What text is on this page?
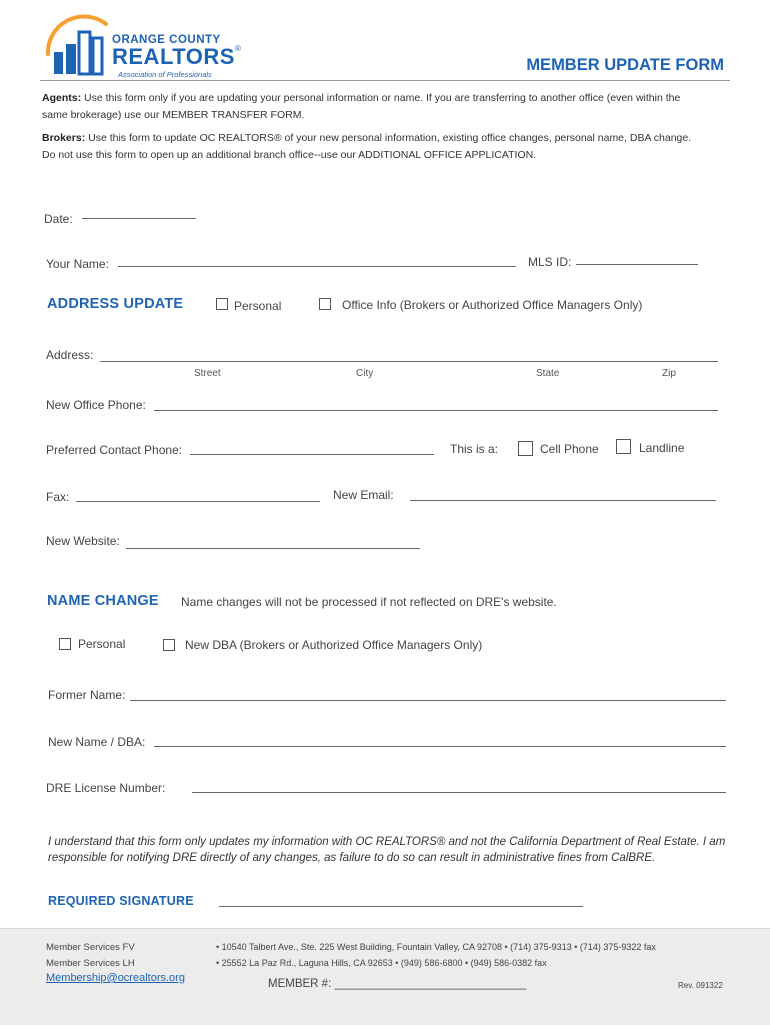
ORANGE COUNTY
REALTORS®
Association of Professionals
MEMBER UPDATE FORM
Agents: Use this form only if you are updating your personal information or name. If you are transferring to another office (even within the same brokerage) use our MEMBER TRANSFER FORM.
Brokers: Use this form to update OC REALTORS® of your new personal information, existing office changes, personal name, DBA change. Do not use this form to open up an additional branch office--use our ADDITIONAL OFFICE APPLICATION.
Date:
Your Name:	MLS ID:
ADDRESS UPDATE	Personal	Office Info (Brokers or Authorized Office Managers Only)
Address:
Street	City	State	Zip
New Office Phone:
Preferred Contact Phone:	This is a:	Cell Phone	Landline
Fax:	New Email:
New Website:
NAME CHANGE Name changes will not be processed if not reflected on DRE's website.
Personal	New DBA (Brokers or Authorized Office Managers Only)
Former Name:
New Name / DBA:
DRE License Number:
I understand that this form only updates my information with OC REALTORS® and not the California Department of Real Estate. I am responsible for notifying DRE directly of any changes, as failure to do so can result in administrative fines from CalBRE.
REQUIRED SIGNATURE
Member Services FV
Member Services LH
Membership@ocrealtors.org
• 10540 Talbert Ave., Ste. 225 West Building, Fountain Valley, CA 92708 • (714) 375-9313 • (714) 375-9322 fax
• 25552 La Paz Rd., Laguna Hills, CA 92653 • (949) 586-6800 • (949) 586-0382 fax
MEMBER #: ______________________________	Rev. 091322
